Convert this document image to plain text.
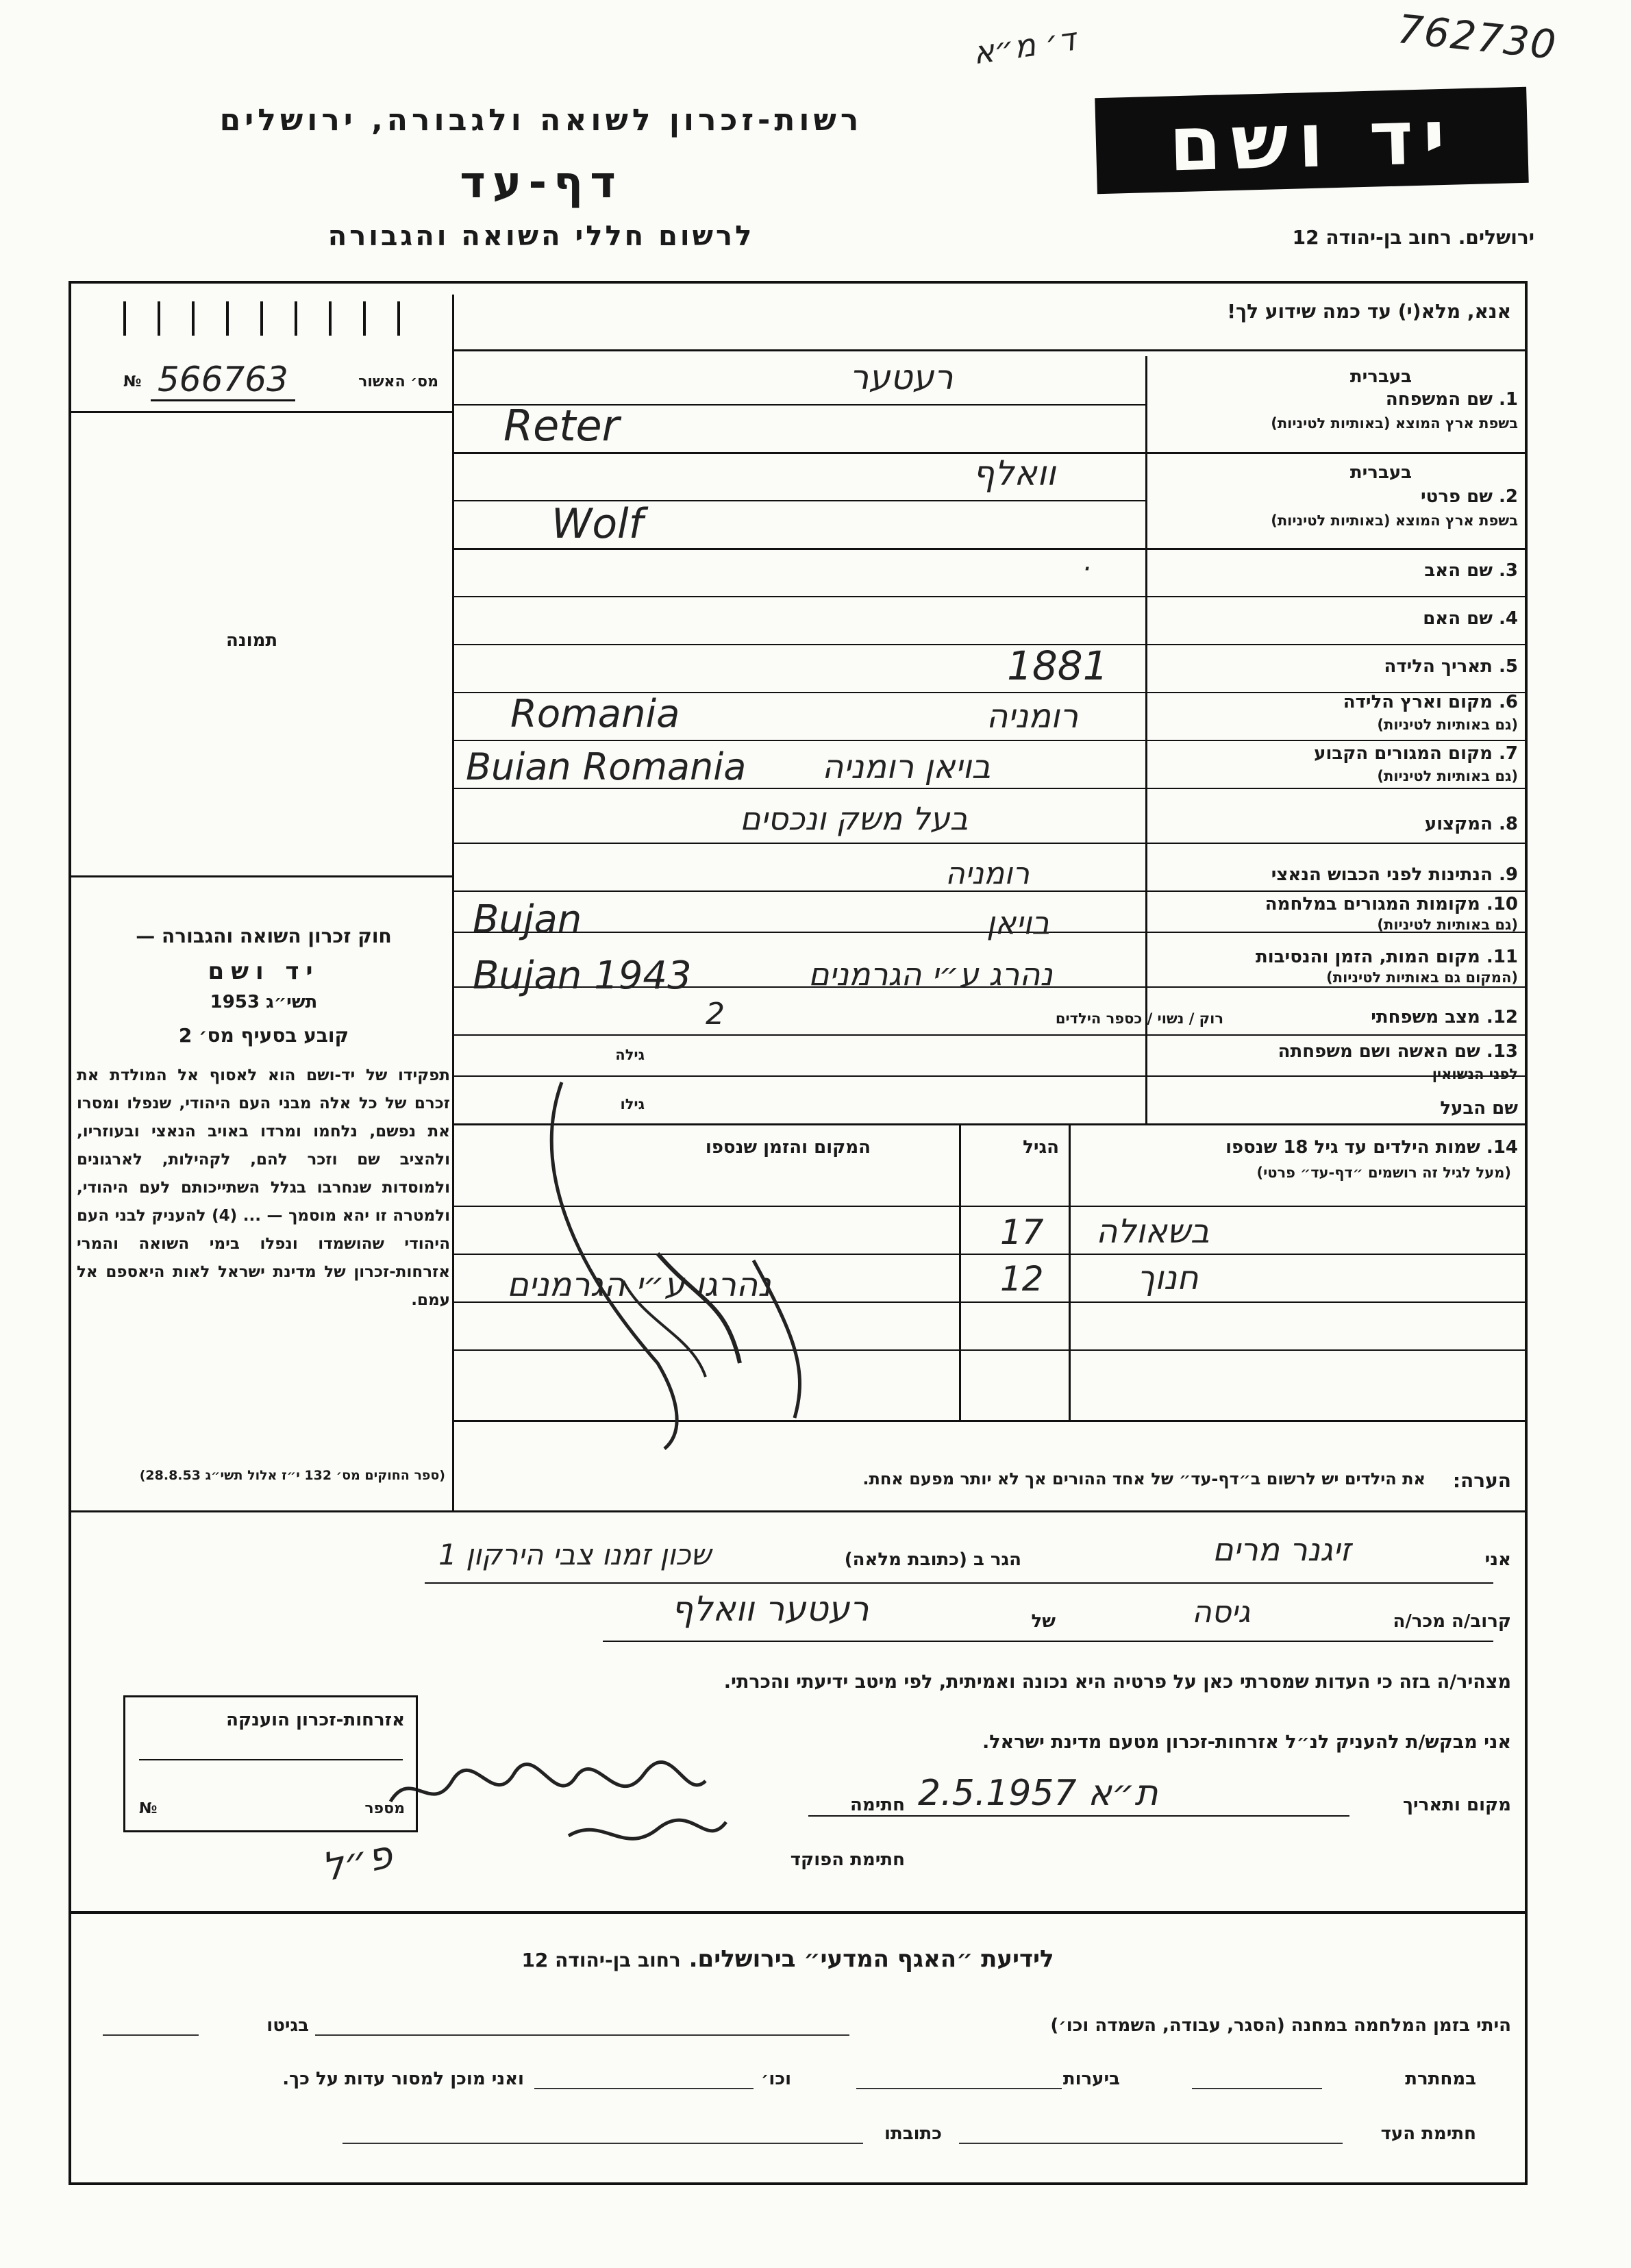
762730
ד׳ מ״א
רשות-זכרון לשואה ולגבורה, ירושלים
דף-עד
לרשום חללי השואה והגבורה
יד ושם
ירושלים. רחוב בן-יהודה 12
אנא, מלא(י) עד כמה שידוע לך!
מס׳ האשור
566763
№
תמונה
בעברית
1. שם המשפחה
בשפת ארץ המוצא (באותיות לטיניות)
רעטער
Reter
בעברית
2. שם פרטי
בשפת ארץ המוצא (באותיות לטיניות)
וואלף
Wolf
3. שם האב
·
4. שם האם
5. תאריך הלידה
1881
6. מקום וארץ הלידה
(גם באותיות לטיניות)
רומניה
Romania
7. מקום המגורים הקבוע
(גם באותיות לטיניות)
בויאן רומניה
Buian Romania
8. המקצוע
בעל משק ונכסים
9. הנתינות לפני הכבוש הנאצי
רומניה
10. מקומות המגורים במלחמה
(גם באותיות לטיניות)
בויאן
Bujan
11. מקום המות, הזמן והנסיבות
(המקום גם באותיות לטיניות)
נהרג ע״י הגרמנים
Bujan 1943
12. מצב משפחתי
רוק / נשוי / כספר הילדים
2
13. שם האשה ושם משפחתה
לפני הנשואין
גילה
שם הבעל
גילו
14. שמות הילדים עד גיל 18 שנספו
(מעל לגיל זה רושמים ״דף-עד״ פרטי)
הגיל
המקום והזמן שנספו
בשאולה
17
חנוך
12
נהרגו ע״י הגרמנים
הערה:
את הילדים יש לרשום ב״דף-עד״ של אחד ההורים אך לא יותר מפעם אחת.
חוק זכרון השואה והגבורה —
יד ושם
תשי״ג 1953
קובע בסעיף מס׳ 2
תפקידו של יד-ושם הוא לאסוף אל המולדת את זכרם של כל אלה מבני העם היהודי, שנפלו ומסרו את נפשם, נלחמו ומרדו באויב הנאצי ובעוזריו, ולהציב שם וזכר להם, לקהילות, לארגונים ולמוסדות שנחרבו בגלל השתייכותם לעם היהודי, ולמטרה זו יהא מוסמך — ... (4) להעניק לבני העם היהודי שהושמדו ונפלו בימי השואה והמרי אזרחות-זכרון של מדינת ישראל לאות היאספם אל עמם.
(ספר החוקים מס׳ 132 י״ז אלול תשי״ג 28.8.53)
אני
זיגנר מרים
הגר ב (כתובת מלאה)
שכון זמנו צבי הירקון 1
קרוב/ה מכר/ה
גיסה
של
רעטער וואלף
מצהיר/ה בזה כי העדות שמסרתי כאן על פרטיה היא נכונה ואמיתית, לפי מיטב ידיעתי והכרתי.
אני מבקש/ת להעניק לנ״ל אזרחות-זכרון מטעם מדינת ישראל.
מקום ותאריך
ת״א 2.5.1957
חתימה
חתימת הפוקד
אזרחות-זכרון הוענקה
מספר
№
פ״ל
לידיעת ״האגף המדעי״ בירושלים. רחוב בן-יהודה 12
היתי בזמן המלחמה במחנה (הסגר, עבודה, השמדה וכו׳)
בגיטו
במחתרת
ביערות
וכו׳
ואני מוכן למסור עדות על כך.
חתימת העד
כתובתו
